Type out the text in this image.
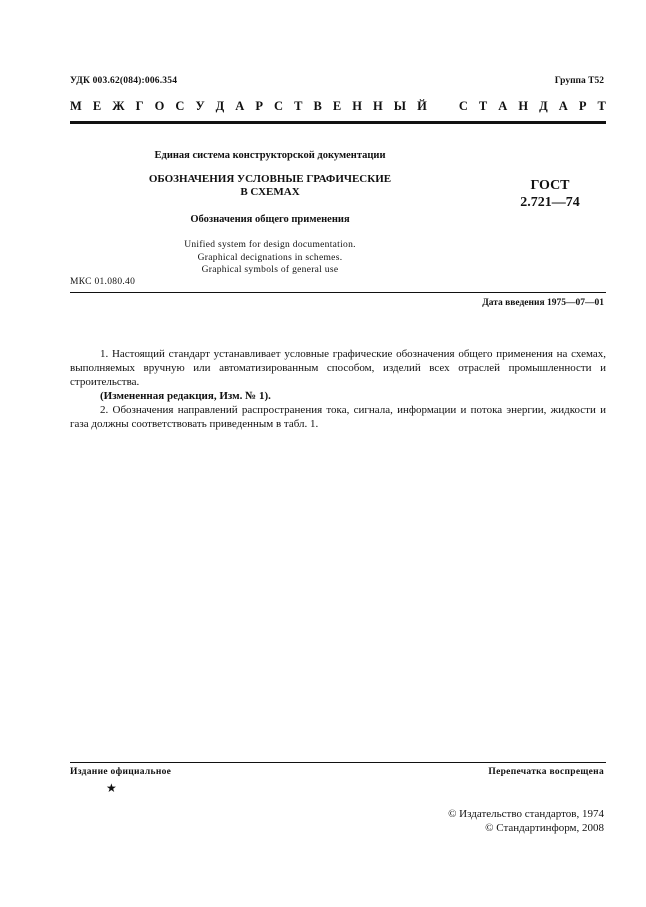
УДК 003.62(084):006.354	Группа Т52
М Е Ж Г О С У Д А Р С Т В Е Н Н Ы Й
	С Т А Н Д А Р Т
Единая система конструкторской документации
ОБОЗНАЧЕНИЯ УСЛОВНЫЕ ГРАФИЧЕСКИЕ
В СХЕМАХ
Обозначения общего применения
Unified system for design documentation.
Graphical decignations in schemes.
Graphical symbols of general use
ГОСТ
2.721—74
МКС 01.080.40
Дата введения 1975—07—01

1. Настоящий стандарт устанавливает условные графические обозначения общего применения на схемах, выполняемых вручную или автоматизированным способом, изделий всех отраслей промышленности и строительства.

(Измененная редакция, Изм. № 1).

2. Обозначения направлений распространения тока, сигнала, информации и потока энергии, жидкости и газа должны соответствовать приведенным в табл. 1.

Издание официальное	Перепечатка воспрещена
★
© Издательство стандартов, 1974
© Стандартинформ, 2008
